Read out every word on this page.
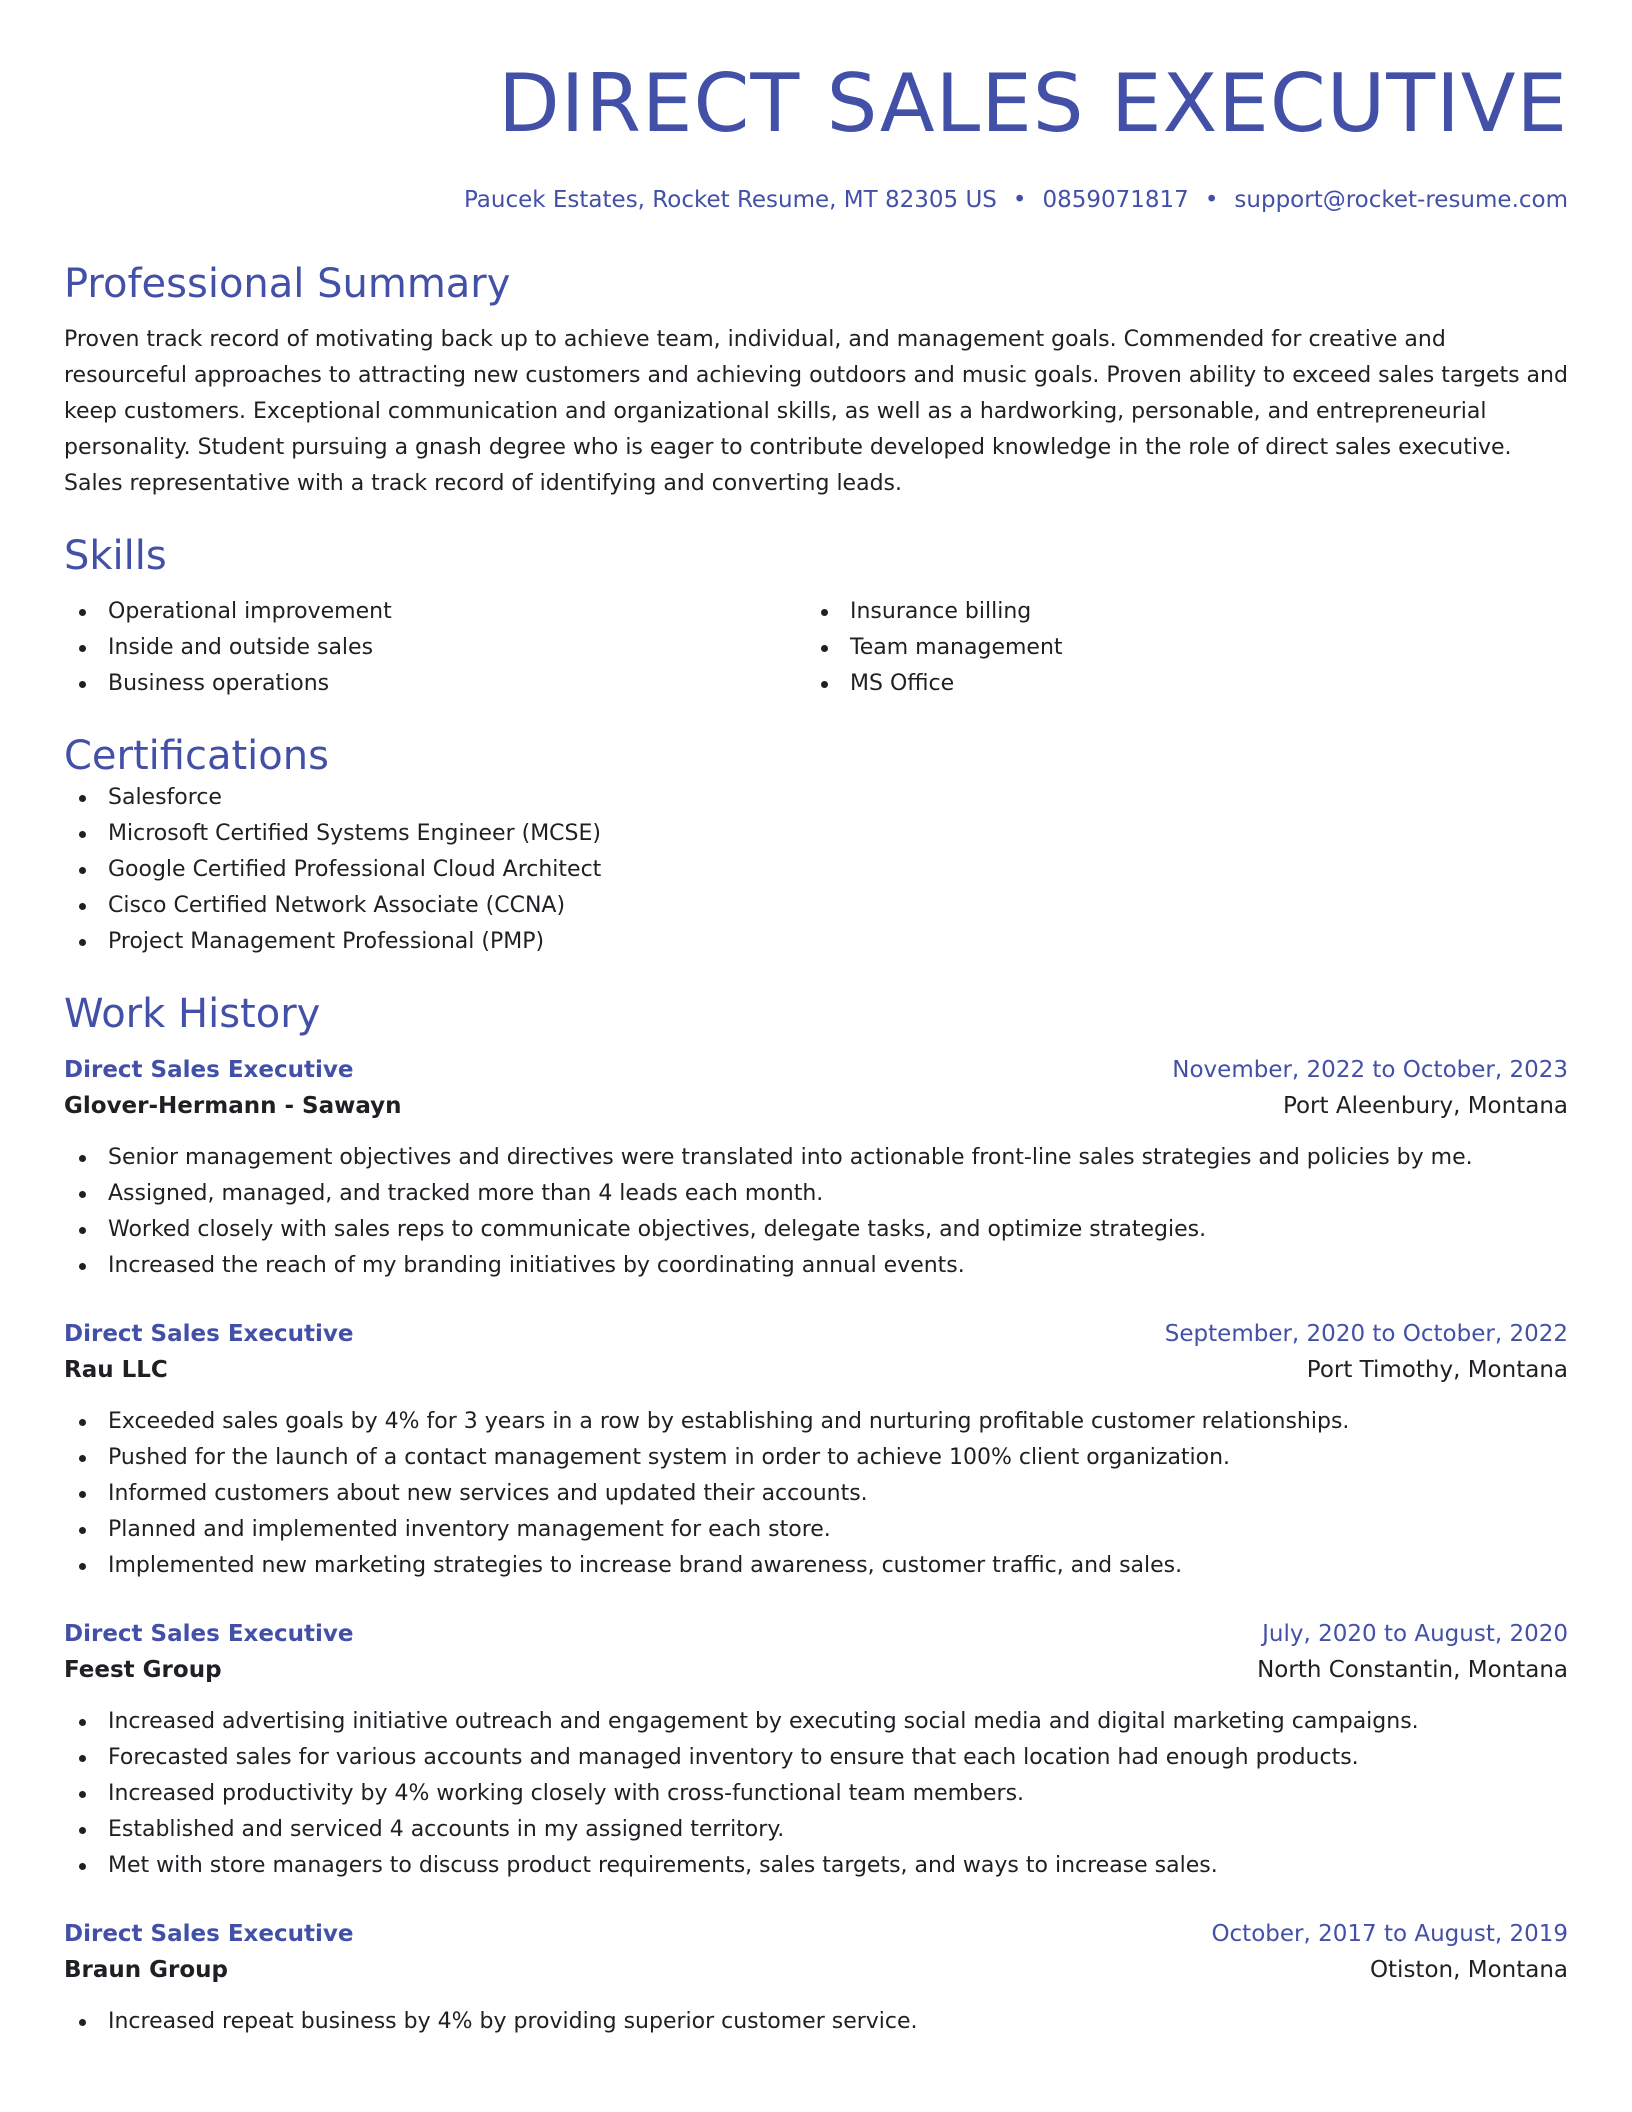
DIRECT SALES EXECUTIVE
Paucek Estates, Rocket Resume, MT 82305 US • 0859071817 • support@rocket-resume.com
Professional Summary

Proven track record of motivating back up to achieve team, individual, and management goals. Commended for creative and resourceful approaches to attracting new customers and achieving outdoors and music goals. Proven ability to exceed sales targets and keep customers. Exceptional communication and organizational skills, as well as a hardworking, personable, and entrepreneurial personality. Student pursuing a gnash degree who is eager to contribute developed knowledge in the role of direct sales executive. Sales representative with a track record of identifying and converting leads.

Skills
Operational improvement
Inside and outside sales
Business operations
Insurance billing
Team management
MS Office
Certifications
Salesforce
Microsoft Certified Systems Engineer (MCSE)
Google Certified Professional Cloud Architect
Cisco Certified Network Associate (CCNA)
Project Management Professional (PMP)
Work History
Direct Sales Executive	November, 2022 to October, 2023
Glover-Hermann - Sawayn	Port Aleenbury, Montana
Senior management objectives and directives were translated into actionable front-line sales strategies and policies by me.
Assigned, managed, and tracked more than 4 leads each month.
Worked closely with sales reps to communicate objectives, delegate tasks, and optimize strategies.
Increased the reach of my branding initiatives by coordinating annual events.
Direct Sales Executive	September, 2020 to October, 2022
Rau LLC	Port Timothy, Montana
Exceeded sales goals by 4% for 3 years in a row by establishing and nurturing profitable customer relationships.
Pushed for the launch of a contact management system in order to achieve 100% client organization.
Informed customers about new services and updated their accounts.
Planned and implemented inventory management for each store.
Implemented new marketing strategies to increase brand awareness, customer traffic, and sales.
Direct Sales Executive	July, 2020 to August, 2020
Feest Group	North Constantin, Montana
Increased advertising initiative outreach and engagement by executing social media and digital marketing campaigns.
Forecasted sales for various accounts and managed inventory to ensure that each location had enough products.
Increased productivity by 4% working closely with cross-functional team members.
Established and serviced 4 accounts in my assigned territory.
Met with store managers to discuss product requirements, sales targets, and ways to increase sales.
Direct Sales Executive	October, 2017 to August, 2019
Braun Group	Otiston, Montana
Increased repeat business by 4% by providing superior customer service.
